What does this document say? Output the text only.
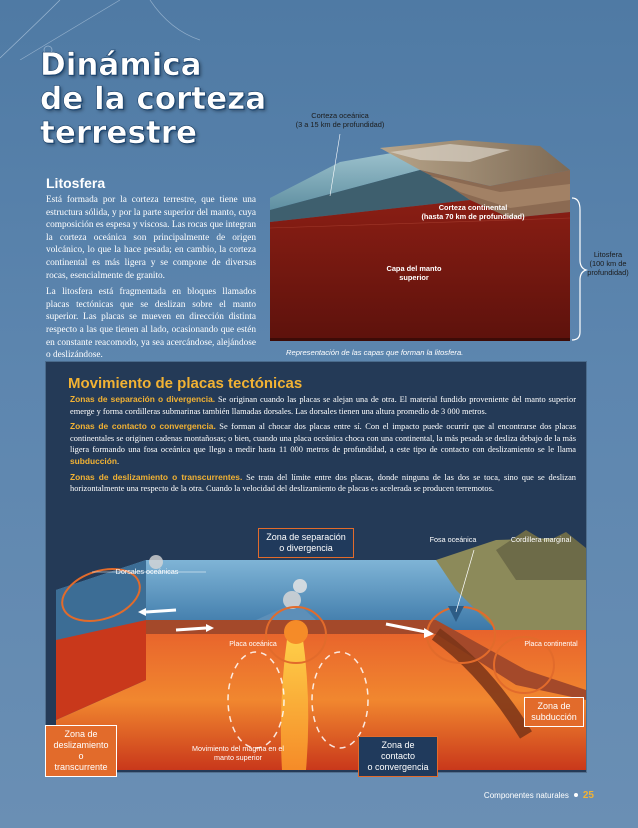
Dinámica
de la corteza
terrestre
Litosfera

Está formada por la corteza terrestre, que tiene una estructura sólida, y por la parte superior del manto, cuya composición es espesa y viscosa. Las rocas que integran la corteza oceánica son principalmente de origen volcánico, lo que la hace pesada; en cambio, la corteza continental es más ligera y se compone de diversas rocas, esencialmente de granito.

La litosfera está fragmentada en bloques llamados placas tectónicas que se deslizan sobre el manto superior. Las placas se mueven en dirección distinta respecto a las que tienen al lado, ocasionando que estén en constante reacomodo, ya sea acercándose, alejándose o deslizándose.

Corteza oceánica
(3 a 15 km de profundidad)
Corteza continental
(hasta 70 km de profundidad)
Capa del manto
superior
Litosfera
(100 km de
profundidad)
Representación de las capas que forman la litosfera.
Movimiento de placas tectónicas

Zonas de separación o divergencia. Se originan cuando las placas se alejan una de otra. El material fundido proveniente del manto superior emerge y forma cordilleras submarinas también llamadas dorsales. Las dorsales tienen una altura promedio de 3 000 metros.

Zonas de contacto o convergencia. Se forman al chocar dos placas entre sí. Con el impacto puede ocurrir que al encontrarse dos placas continentales se originen cadenas montañosas; o bien, cuando una placa oceánica choca con una continental, la más pesada se desliza debajo de la más ligera formando una fosa oceánica que llega a medir hasta 11 000 metros de profundidad, a este tipo de contacto con deslizamiento se le llama subducción.

Zonas de deslizamiento o transcurrentes. Se trata del límite entre dos placas, donde ninguna de las dos se toca, sino que se deslizan horizontalmente una respecto de la otra. Cuando la velocidad del deslizamiento de placas es acelerada se producen terremotos.

Dorsales oceánicas
Placa oceánica
Fosa oceánica	Cordillera marginal
Placa continental
Movimiento del magma en el
manto superior
Zona de separación
o divergencia
Zona de contacto
o convergencia
Zona de
subducción
Zona de
deslizamiento
o transcurrente
Componentes naturales 25
